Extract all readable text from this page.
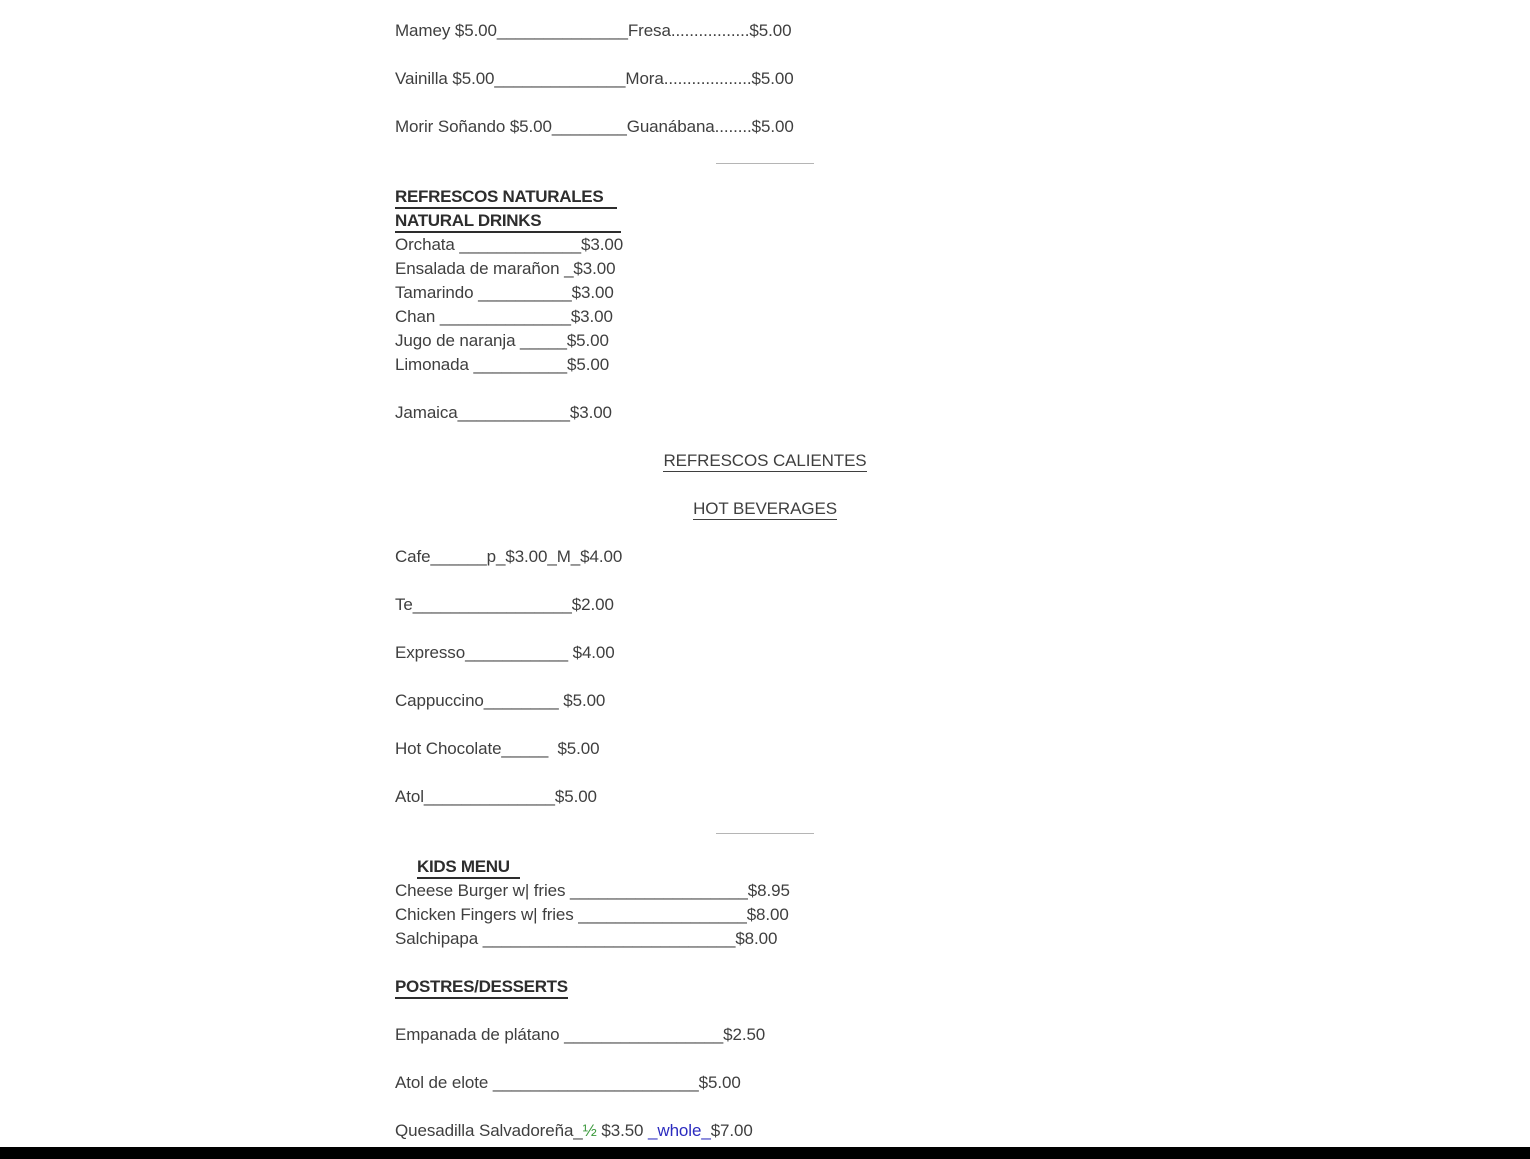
Mamey $5.00______________Fresa.................$5.00

Vainilla $5.00______________Mora...................$5.00

Morir Soñando $5.00________Guanábana........$5.00

REFRESCOS NATURALES
NATURAL DRINKS
Orchata _____________$3.00
Ensalada de marañon _$3.00
Tamarindo __________$3.00
Chan ______________$3.00
Jugo de naranja _____$5.00
Limonada __________$5.00

Jamaica____________$3.00

REFRESCOS CALIENTES

HOT BEVERAGES

Cafe______p_$3.00_M_$4.00

Te_________________$2.00

Expresso___________ $4.00

Cappuccino________ $5.00

Hot Chocolate_____  $5.00

Atol______________$5.00

KIDS MENU
Cheese Burger w| fries ___________________$8.95
Chicken Fingers w| fries __________________$8.00
Salchipapa ___________________________$8.00

POSTRES/DESSERTS

Empanada de plátano _________________$2.50

Atol de elote ______________________$5.00

Quesadilla Salvadoreña_½ $3.50 _whole_$7.00
